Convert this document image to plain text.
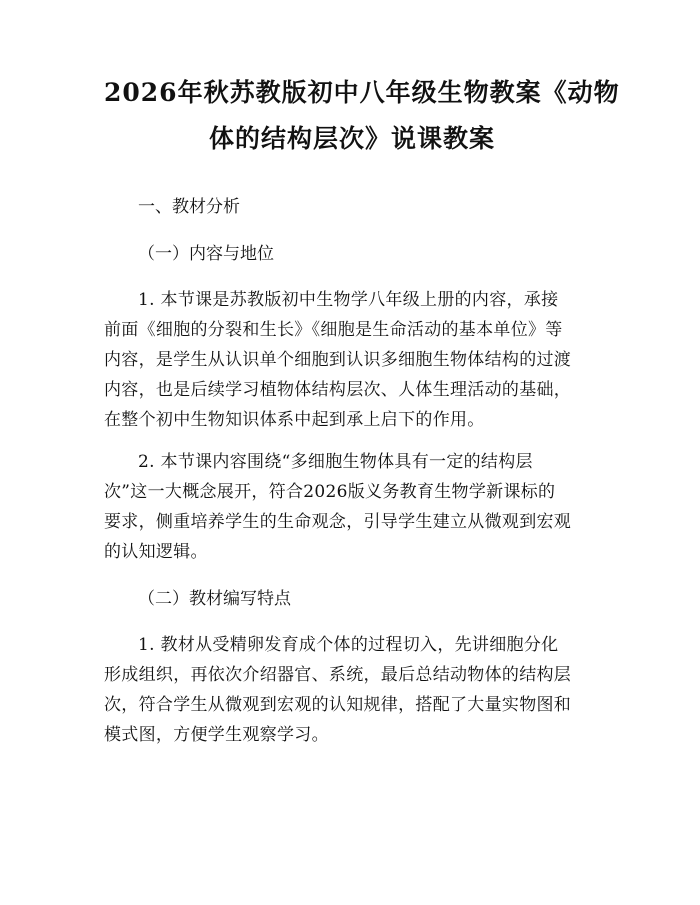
2026年秋苏教版初中八年级生物教案《动物
体的结构层次》说课教案

一、教材分析

（一）内容与地位

1. 本节课是苏教版初中生物学八年级上册的内容，承接
前面《细胞的分裂和生长》《细胞是生命活动的基本单位》等
内容，是学生从认识单个细胞到认识多细胞生物体结构的过渡
内容，也是后续学习植物体结构层次、人体生理活动的基础，
在整个初中生物知识体系中起到承上启下的作用。

2. 本节课内容围绕“多细胞生物体具有一定的结构层
次”这一大概念展开，符合2026版义务教育生物学新课标的
要求，侧重培养学生的生命观念，引导学生建立从微观到宏观
的认知逻辑。

（二）教材编写特点

1. 教材从受精卵发育成个体的过程切入，先讲细胞分化
形成组织，再依次介绍器官、系统，最后总结动物体的结构层
次，符合学生从微观到宏观的认知规律，搭配了大量实物图和
模式图，方便学生观察学习。
